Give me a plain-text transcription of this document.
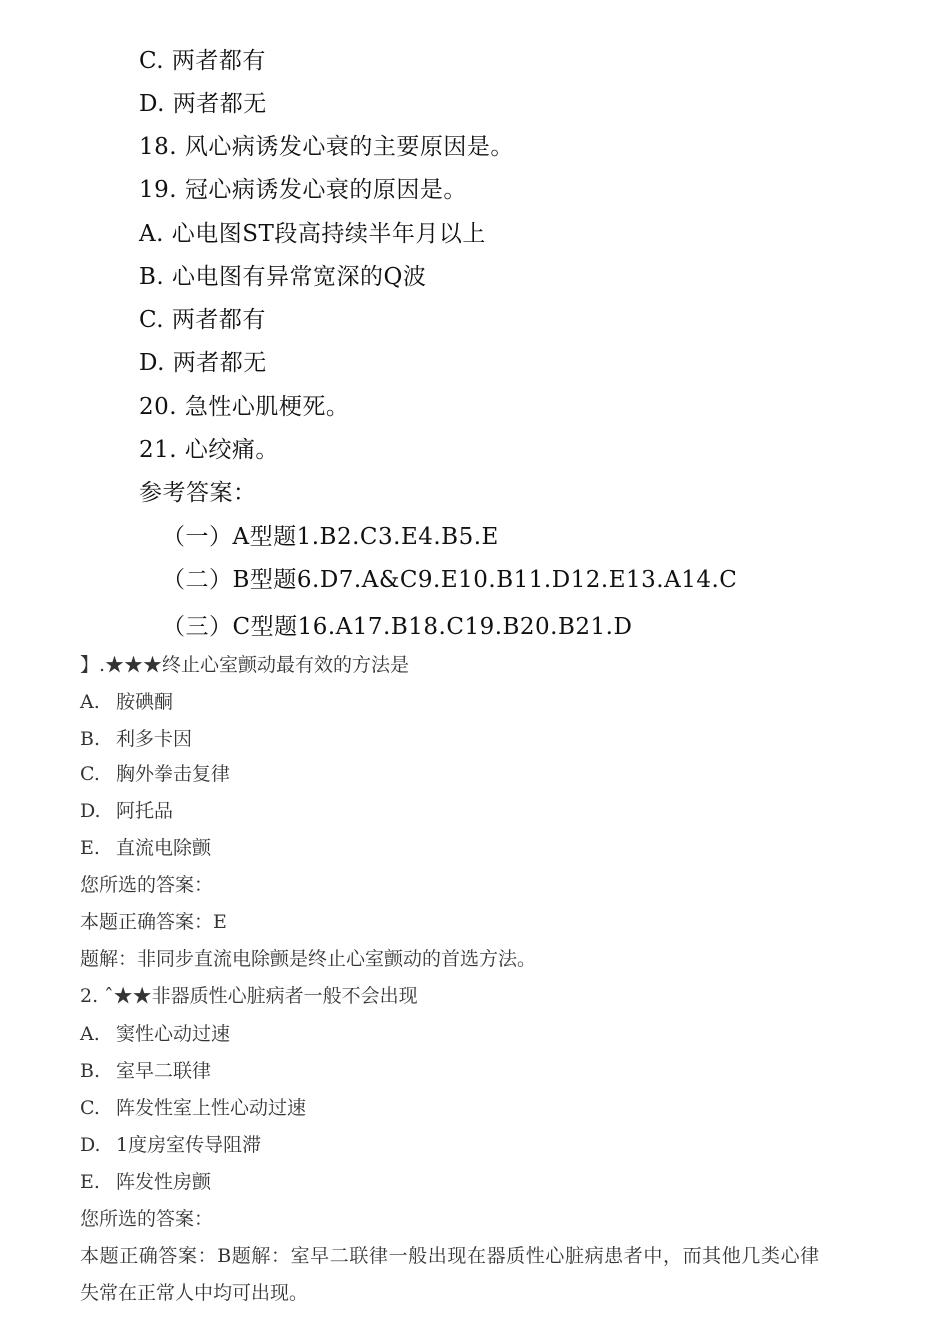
C. 两者都有
D. 两者都无
18. 风心病诱发心衰的主要原因是。
19. 冠心病诱发心衰的原因是。
A. 心电图ST段高持续半年月以上
B. 心电图有异常宽深的Q波
C. 两者都有
D. 两者都无
20. 急性心肌梗死。
21. 心绞痛。
参考答案：
（一）A型题1.B2.C3.E4.B5.E
（二）B型题6.D7.A&C9.E10.B11.D12.E13.A14.C
（三）C型题16.A17.B18.C19.B20.B21.D
】.★★★终止心室颤动最有效的方法是
A. 胺碘酮
B. 利多卡因
C. 胸外拳击复律
D. 阿托品
E. 直流电除颤
您所选的答案：
本题正确答案：E
题解：非同步直流电除颤是终止心室颤动的首选方法。
2. ˆ★★非器质性心脏病者一般不会出现
A. 窦性心动过速
B. 室早二联律
C. 阵发性室上性心动过速
D. 1度房室传导阻滞
E. 阵发性房颤
您所选的答案：
本题正确答案：B题解：室早二联律一般出现在器质性心脏病患者中，而其他几类心律
失常在正常人中均可出现。
